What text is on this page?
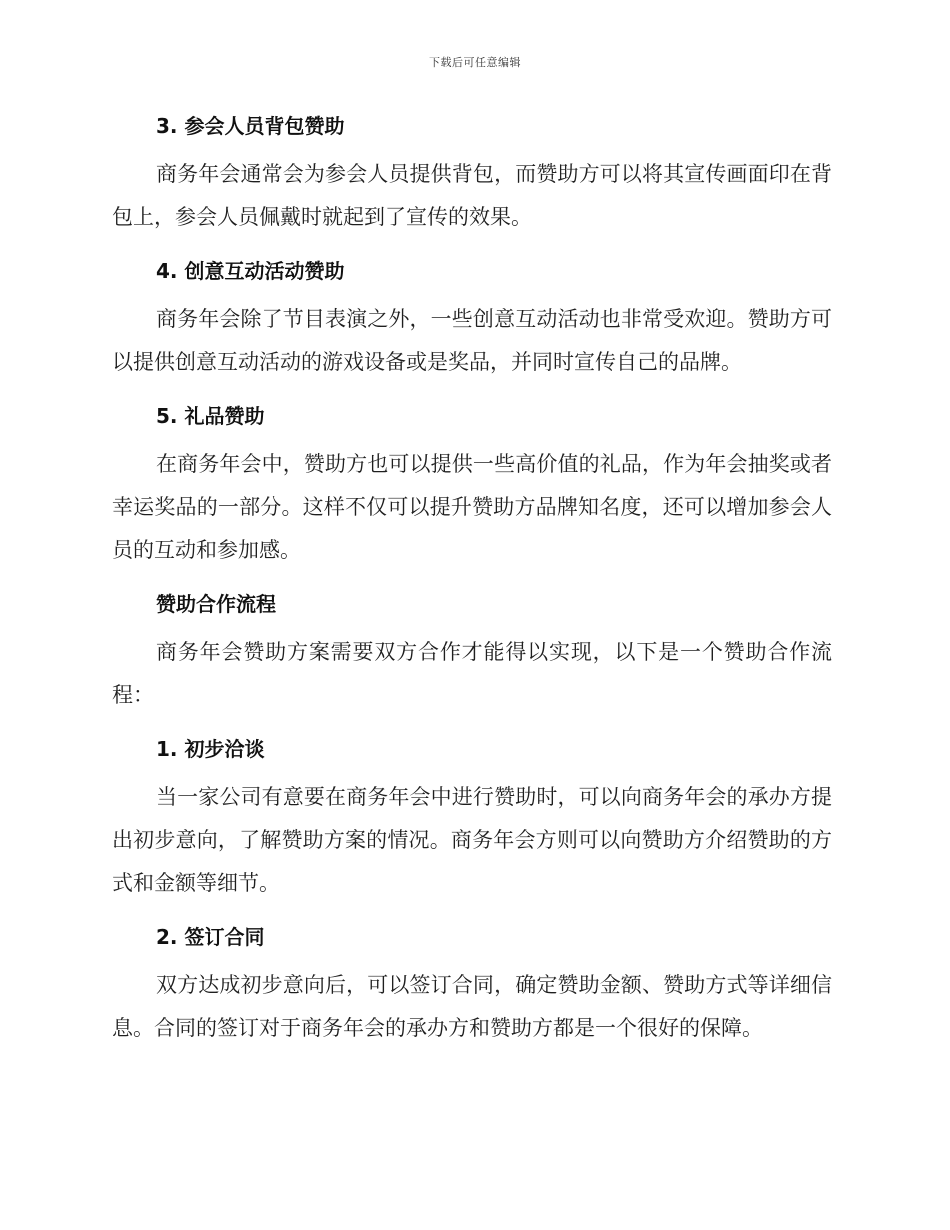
下载后可任意编辑
3. 参会人员背包赞助

商务年会通常会为参会人员提供背包，而赞助方可以将其宣传画面印在背包上，参会人员佩戴时就起到了宣传的效果。

4. 创意互动活动赞助

商务年会除了节目表演之外，一些创意互动活动也非常受欢迎。赞助方可以提供创意互动活动的游戏设备或是奖品，并同时宣传自己的品牌。

5. 礼品赞助

在商务年会中，赞助方也可以提供一些高价值的礼品，作为年会抽奖或者幸运奖品的一部分。这样不仅可以提升赞助方品牌知名度，还可以增加参会人员的互动和参加感。

赞助合作流程

商务年会赞助方案需要双方合作才能得以实现，以下是一个赞助合作流程：

1. 初步洽谈

当一家公司有意要在商务年会中进行赞助时，可以向商务年会的承办方提出初步意向，了解赞助方案的情况。商务年会方则可以向赞助方介绍赞助的方式和金额等细节。

2. 签订合同

双方达成初步意向后，可以签订合同，确定赞助金额、赞助方式等详细信息。合同的签订对于商务年会的承办方和赞助方都是一个很好的保障。
